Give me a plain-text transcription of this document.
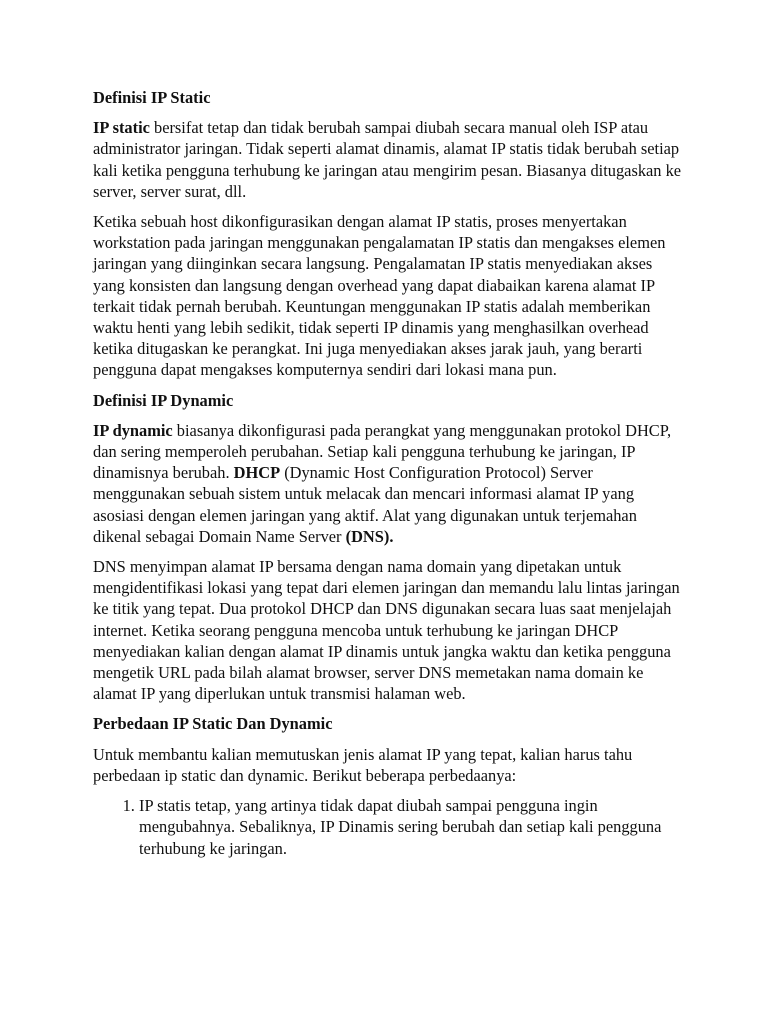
Definisi IP Static

IP static bersifat tetap dan tidak berubah sampai diubah secara manual oleh ISP atau administrator jaringan. Tidak seperti alamat dinamis, alamat IP statis tidak berubah setiap kali ketika pengguna terhubung ke jaringan atau mengirim pesan. Biasanya ditugaskan ke server, server surat, dll.

Ketika sebuah host dikonfigurasikan dengan alamat IP statis, proses menyertakan workstation pada jaringan menggunakan pengalamatan IP statis dan mengakses elemen jaringan yang diinginkan secara langsung. Pengalamatan IP statis menyediakan akses yang konsisten dan langsung dengan overhead yang dapat diabaikan karena alamat IP terkait tidak pernah berubah. Keuntungan menggunakan IP statis adalah memberikan waktu henti yang lebih sedikit, tidak seperti IP dinamis yang menghasilkan overhead ketika ditugaskan ke perangkat. Ini juga menyediakan akses jarak jauh, yang berarti pengguna dapat mengakses komputernya sendiri dari lokasi mana pun.

Definisi IP Dynamic

IP dynamic biasanya dikonfigurasi pada perangkat yang menggunakan protokol DHCP, dan sering memperoleh perubahan. Setiap kali pengguna terhubung ke jaringan, IP dinamisnya berubah. DHCP (Dynamic Host Configuration Protocol) Server menggunakan sebuah sistem untuk melacak dan mencari informasi alamat IP yang asosiasi dengan elemen jaringan yang aktif. Alat yang digunakan untuk terjemahan dikenal sebagai Domain Name Server (DNS).

DNS menyimpan alamat IP bersama dengan nama domain yang dipetakan untuk mengidentifikasi lokasi yang tepat dari elemen jaringan dan memandu lalu lintas jaringan ke titik yang tepat. Dua protokol DHCP dan DNS digunakan secara luas saat menjelajah internet. Ketika seorang pengguna mencoba untuk terhubung ke jaringan DHCP menyediakan kalian dengan alamat IP dinamis untuk jangka waktu dan ketika pengguna mengetik URL pada bilah alamat browser, server DNS memetakan nama domain ke alamat IP yang diperlukan untuk transmisi halaman web.

Perbedaan IP Static Dan Dynamic

Untuk membantu kalian memutuskan jenis alamat IP yang tepat, kalian harus tahu perbedaan ip static dan dynamic. Berikut beberapa perbedaanya:

1. IP statis tetap, yang artinya tidak dapat diubah sampai pengguna ingin mengubahnya. Sebaliknya, IP Dinamis sering berubah dan setiap kali pengguna terhubung ke jaringan.
